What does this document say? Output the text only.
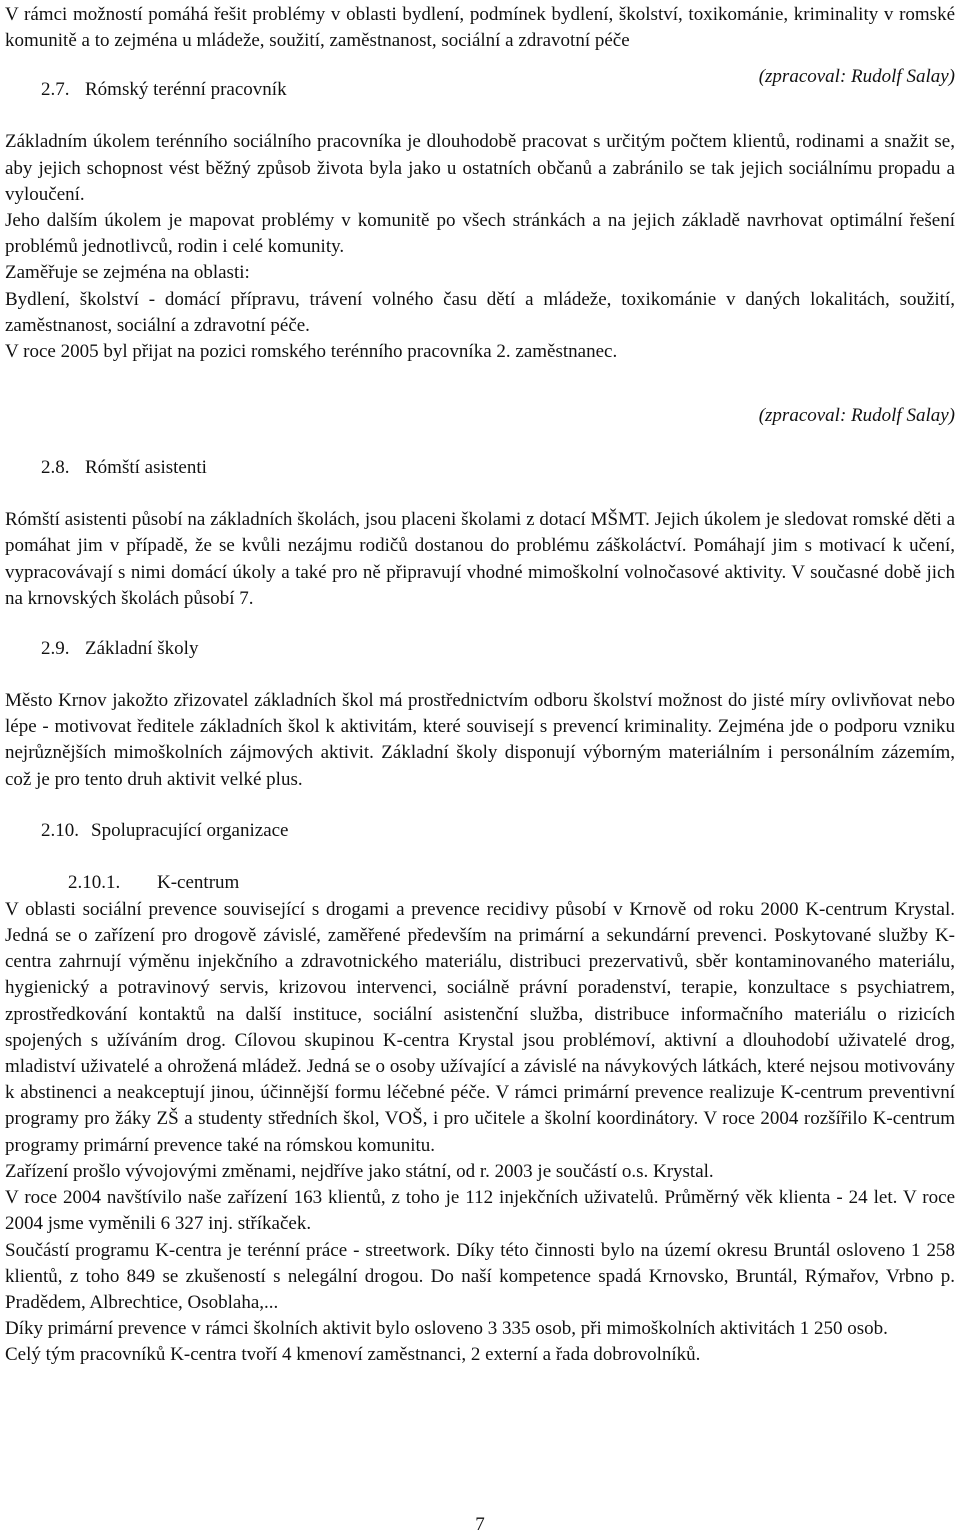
V rámci možností pomáhá řešit problémy v oblasti bydlení, podmínek bydlení, školství, toxikománie, kriminality v romské komunitě a to zejména u mládeže, soužití, zaměstnanost, sociální a zdravotní péče

2.7. Rómský terénní pracovník
(zpracoval: Rudolf Salay)

Základním úkolem terénního sociálního pracovníka je dlouhodobě pracovat s určitým počtem klientů, rodinami a snažit se, aby jejich schopnost vést běžný způsob života byla jako u ostatních občanů a zabránilo se tak jejich sociálnímu propadu a vyloučení.

Jeho dalším úkolem je mapovat problémy v komunitě po všech stránkách a na jejich základě navrhovat optimální řešení problémů jednotlivců, rodin i celé komunity.

Zaměřuje se zejména na oblasti:

Bydlení, školství - domácí přípravu, trávení volného času dětí a mládeže, toxikománie v daných lokalitách, soužití, zaměstnanost, sociální a zdravotní péče.

V roce 2005 byl přijat na pozici romského terénního pracovníka 2. zaměstnanec.

(zpracoval: Rudolf Salay)
2.8. Rómští asistenti

Rómští asistenti působí na základních školách, jsou placeni školami z dotací MŠMT. Jejich úkolem je sledovat romské děti a pomáhat jim v případě, že se kvůli nezájmu rodičů dostanou do problému záškoláctví. Pomáhají jim s motivací k učení, vypracovávají s nimi domácí úkoly a také pro ně připravují vhodné mimoškolní volnočasové aktivity. V současné době jich na krnovských školách působí 7.

2.9. Základní školy

Město Krnov jakožto zřizovatel základních škol má prostřednictvím odboru školství možnost do jisté míry ovlivňovat nebo lépe - motivovat ředitele základních škol k aktivitám, které souvisejí s prevencí kriminality. Zejména jde o podporu vzniku nejrůznějších mimoškolních zájmových aktivit. Základní školy disponují výborným materiálním i personálním zázemím, což je pro tento druh aktivit velké plus.

2.10. Spolupracující organizace
2.10.1. K-centrum

V oblasti sociální prevence související s drogami a prevence recidivy působí v Krnově od roku 2000 K-centrum Krystal. Jedná se o zařízení pro drogově závislé, zaměřené především na primární a sekundární prevenci. Poskytované služby K-centra zahrnují výměnu injekčního a zdravotnického materiálu, distribuci prezervativů, sběr kontaminovaného materiálu, hygienický a potravinový servis, krizovou intervenci, sociálně právní poradenství, terapie, konzultace s psychiatrem, zprostředkování kontaktů na další instituce, sociální asistenční služba, distribuce informačního materiálu o rizicích spojených s užíváním drog. Cílovou skupinou K-centra Krystal jsou problémoví, aktivní a dlouhodobí uživatelé drog, mladiství uživatelé a ohrožená mládež. Jedná se o osoby užívající a závislé na návykových látkách, které nejsou motivovány k abstinenci a neakceptují jinou, účinnější formu léčebné péče. V rámci primární prevence realizuje K-centrum preventivní programy pro žáky ZŠ a studenty středních škol, VOŠ, i pro učitele a školní koordinátory. V roce 2004 rozšířilo K-centrum programy primární prevence také na rómskou komunitu.

Zařízení prošlo vývojovými změnami, nejdříve jako státní, od r. 2003 je součástí o.s. Krystal.

V roce 2004 navštívilo naše zařízení 163 klientů, z toho je 112 injekčních uživatelů. Průměrný věk klienta - 24 let. V roce 2004 jsme vyměnili 6 327 inj. stříkaček.

Součástí programu K-centra je terénní práce - streetwork. Díky této činnosti bylo na území okresu Bruntál osloveno 1 258 klientů, z toho 849 se zkušeností s nelegální drogou. Do naší kompetence spadá Krnovsko, Bruntál, Rýmařov, Vrbno p. Pradědem, Albrechtice, Osoblaha,...

Díky primární prevence v rámci školních aktivit bylo osloveno 3 335 osob, při mimoškolních aktivitách 1 250 osob.

Celý tým pracovníků K-centra tvoří 4 kmenoví zaměstnanci, 2 externí a řada dobrovolníků.

7
